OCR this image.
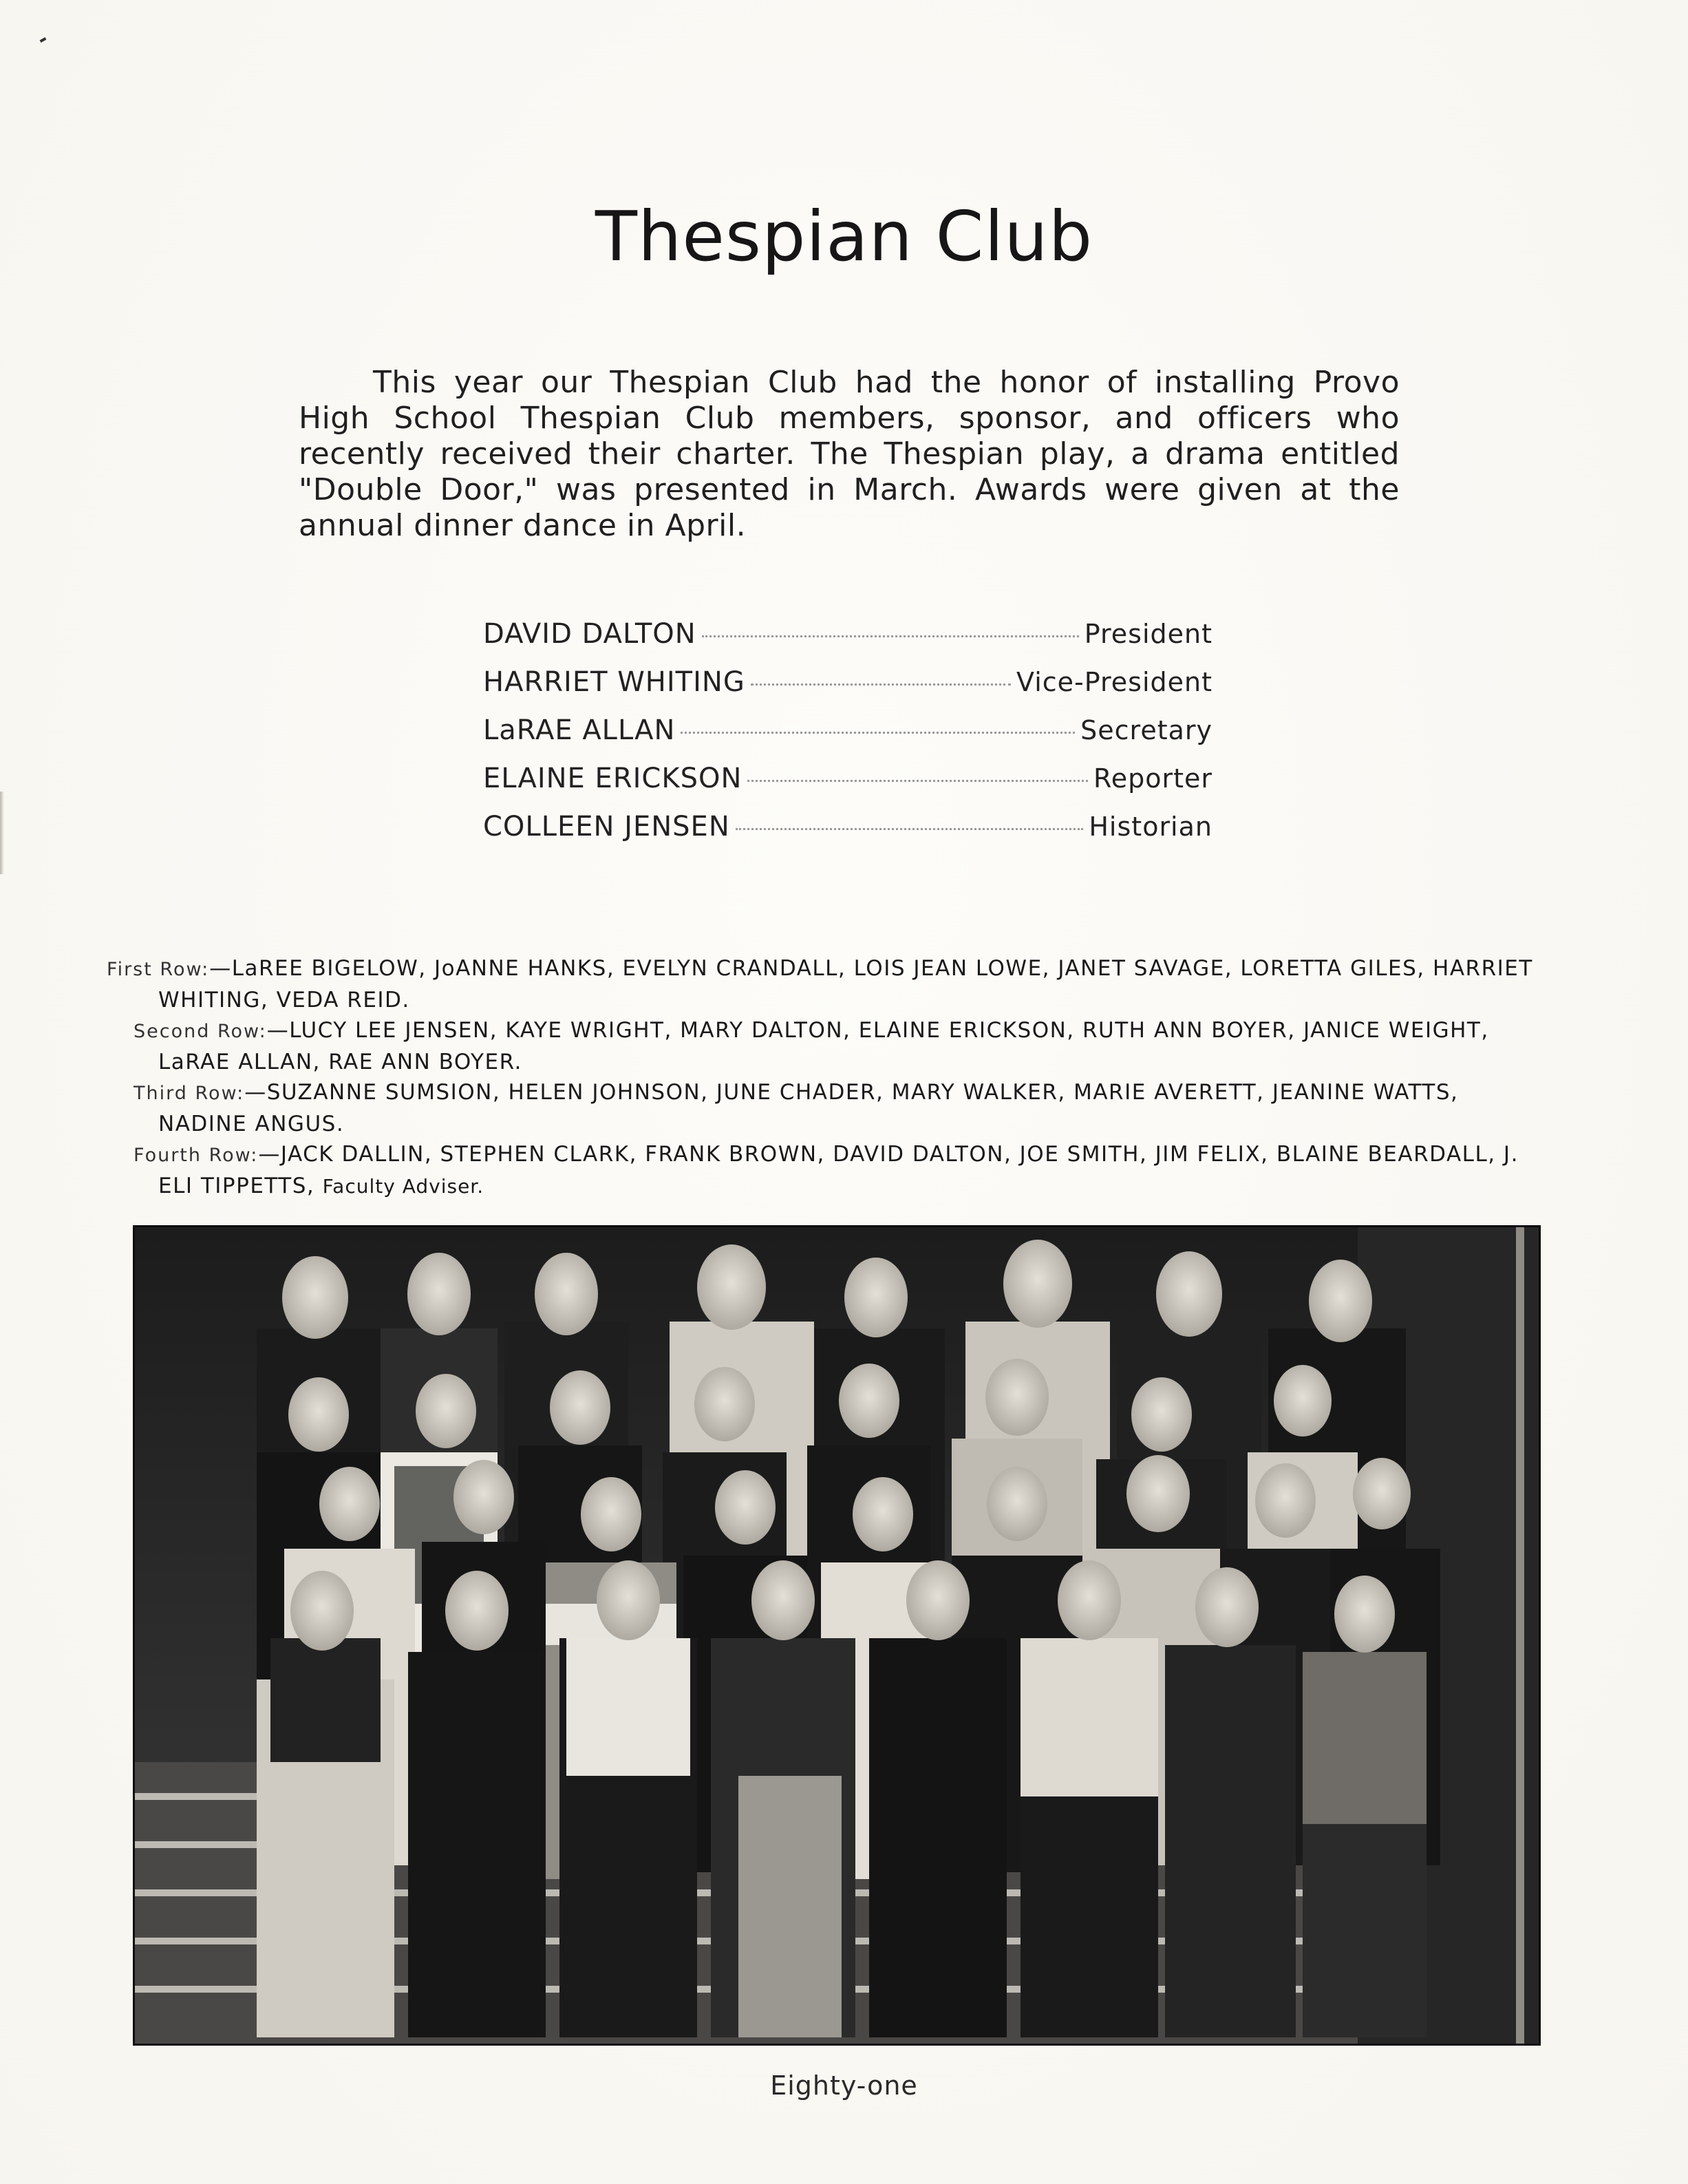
Thespian Club

This year our Thespian Club had the honor of installing Provo High School Thespian Club members, sponsor, and officers who recently received their charter. The Thespian play, a drama entitled "Double Door," was presented in March. Awards were given at the annual dinner dance in April.

DAVID DALTON	President
HARRIET WHITING	Vice-President
LaRAE ALLAN	Secretary
ELAINE ERICKSON	Reporter
COLLEEN JENSEN	Historian
First Row:—LaREE BIGELOW, JoANNE HANKS, EVELYN CRANDALL, LOIS JEAN LOWE, JANET SAVAGE, LORETTA GILES, HARRIET WHITING, VEDA REID.
Second Row:—LUCY LEE JENSEN, KAYE WRIGHT, MARY DALTON, ELAINE ERICKSON, RUTH ANN BOYER, JANICE WEIGHT, LaRAE ALLAN, RAE ANN BOYER.
Third Row:—SUZANNE SUMSION, HELEN JOHNSON, JUNE CHADER, MARY WALKER, MARIE AVERETT, JEANINE WATTS, NADINE ANGUS.
Fourth Row:—JACK DALLIN, STEPHEN CLARK, FRANK BROWN, DAVID DALTON, JOE SMITH, JIM FELIX, BLAINE BEARDALL, J. ELI TIPPETTS, Faculty Adviser.
Eighty-one
